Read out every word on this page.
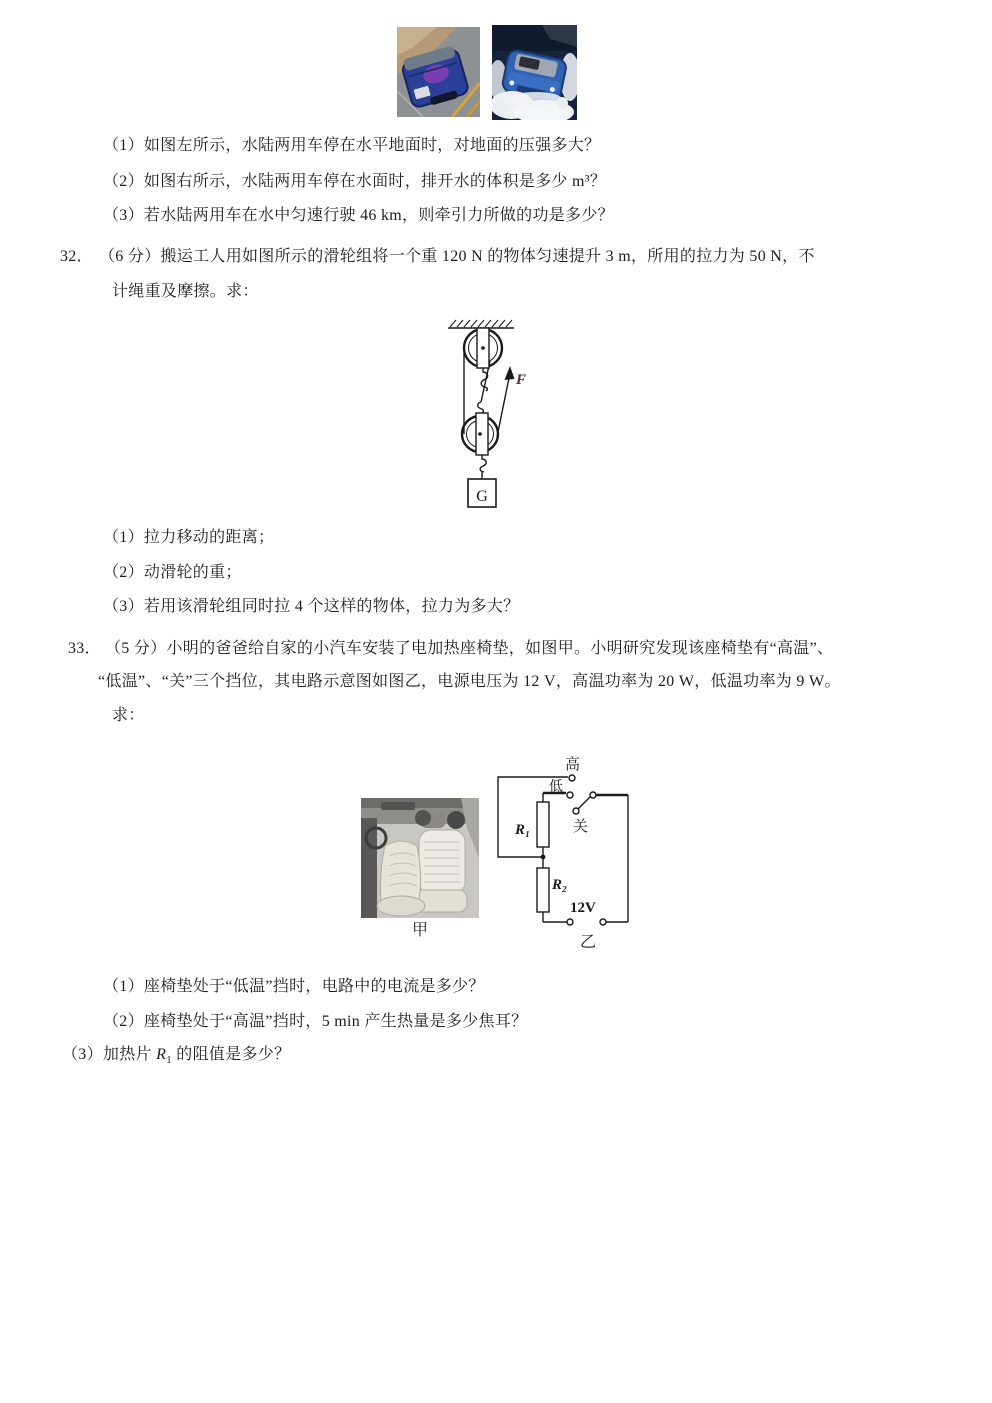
（1）如图左所示，水陆两用车停在水平地面时，对地面的压强多大？
（2）如图右所示，水陆两用车停在水面时，排开水的体积是多少 m³？
（3）若水陆两用车在水中匀速行驶 46 km，则牵引力所做的功是多少？
32． （6 分）搬运工人用如图所示的滑轮组将一个重 120 N 的物体匀速提升 3 m，所用的拉力为 50 N，不
计绳重及摩擦。求：
G
F
（1）拉力移动的距离；
（2）动滑轮的重；
（3）若用该滑轮组同时拉 4 个这样的物体，拉力为多大？
33． （5 分）小明的爸爸给自家的小汽车安装了电加热座椅垫，如图甲。小明研究发现该座椅垫有“高温”、
“低温”、“关”三个挡位，其电路示意图如图乙，电源电压为 12 V，高温功率为 20 W，低温功率为 9 W。
求：
甲
高
低
关
R₁
R₂
12V
乙
（1）座椅垫处于“低温”挡时，电路中的电流是多少？
（2）座椅垫处于“高温”挡时，5 min 产生热量是多少焦耳？
（3）加热片 $R_1$ 的阻值是多少？
